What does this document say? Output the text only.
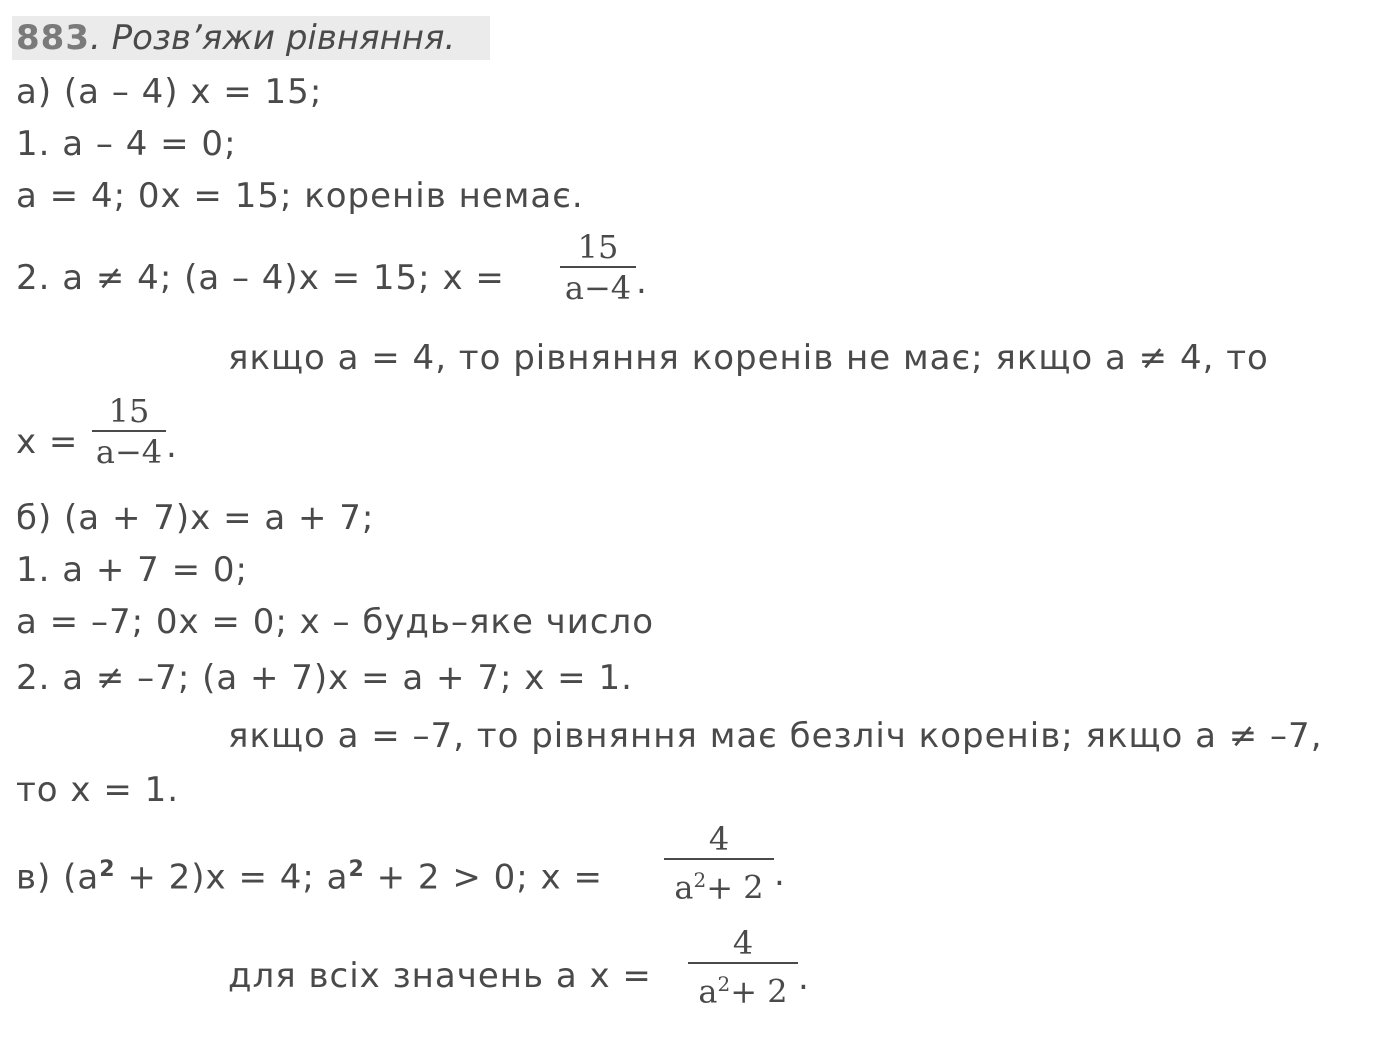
883. Розв’яжи рівняння.
а) (а – 4) х = 15;
1. а – 4 = 0;
а = 4; 0х = 15; коренів немає.
2. а ≠ 4; (а – 4)х = 15; х =
15
a−4 .
якщо а = 4, то рівняння коренів не має; якщо а ≠ 4, то
х =
15
a−4 .
б) (а + 7)х = а + 7;
1. а + 7 = 0;
а = –7; 0х = 0; х – будь–яке число
2. а ≠ –7; (а + 7)х = а + 7; х = 1.
якщо а = –7, то рівняння має безліч коренів; якщо а ≠ –7,
то х = 1.
в) $(а^2 + 2)х = 4$; $а^2 + 2 > 0$; х =
4
$a^2+ 2$ .
для всіх значень а х =
4
$a^2+ 2$ .
